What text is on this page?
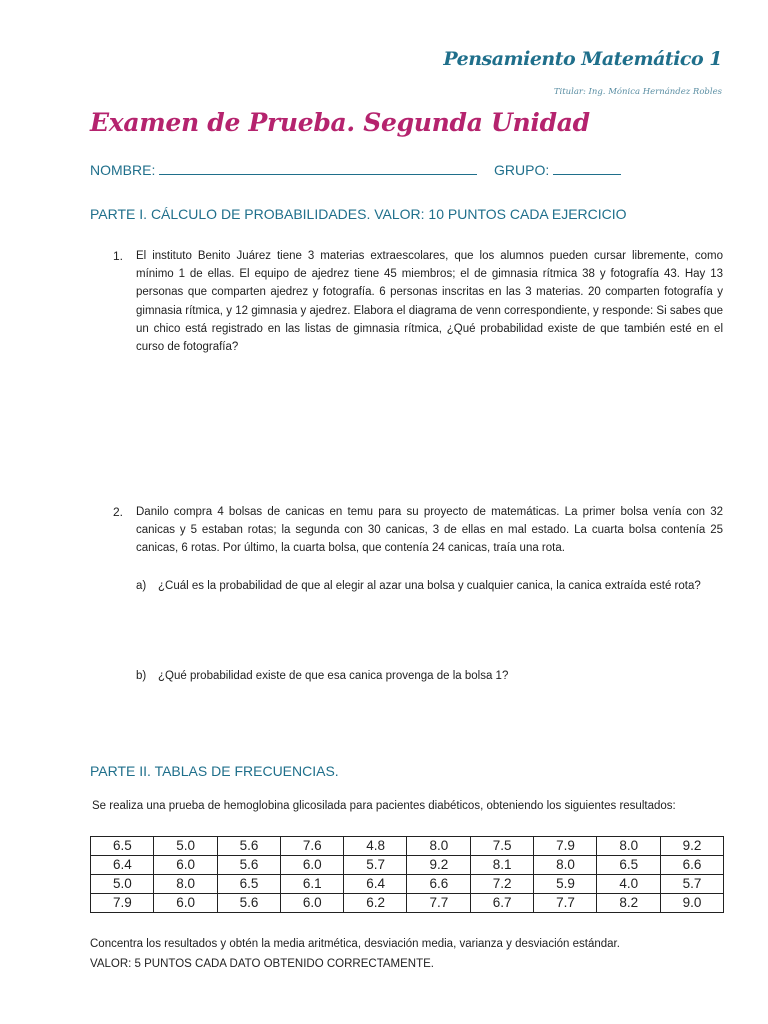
Pensamiento Matemático 1
Titular: Ing. Mónica Hernández Robles
Examen de Prueba. Segunda Unidad
NOMBRE:	GRUPO:
PARTE I. CÁLCULO DE PROBABILIDADES. VALOR: 10 PUNTOS CADA EJERCICIO
1. El instituto Benito Juárez tiene 3 materias extraescolares, que los alumnos pueden cursar libremente, como mínimo 1 de ellas. El equipo de ajedrez tiene 45 miembros; el de gimnasia rítmica 38 y fotografía 43. Hay 13 personas que comparten ajedrez y fotografía. 6 personas inscritas en las 3 materias. 20 comparten fotografía y gimnasia rítmica, y 12 gimnasia y ajedrez. Elabora el diagrama de venn correspondiente, y responde: Si sabes que un chico está registrado en las listas de gimnasia rítmica, ¿Qué probabilidad existe de que también esté en el curso de fotografía?
2. Danilo compra 4 bolsas de canicas en temu para su proyecto de matemáticas. La primer bolsa venía con 32 canicas y 5 estaban rotas; la segunda con 30 canicas, 3 de ellas en mal estado. La cuarta bolsa contenía 25 canicas, 6 rotas. Por último, la cuarta bolsa, que contenía 24 canicas, traía una rota.
a) ¿Cuál es la probabilidad de que al elegir al azar una bolsa y cualquier canica, la canica extraída esté rota?
b) ¿Qué probabilidad existe de que esa canica provenga de la bolsa 1?
PARTE II. TABLAS DE FRECUENCIAS.
Se realiza una prueba de hemoglobina glicosilada para pacientes diabéticos, obteniendo los siguientes resultados:
6.5	5.0	5.6	7.6	4.8	8.0	7.5	7.9	8.0	9.2
6.4	6.0	5.6	6.0	5.7	9.2	8.1	8.0	6.5	6.6
5.0	8.0	6.5	6.1	6.4	6.6	7.2	5.9	4.0	5.7
7.9	6.0	5.6	6.0	6.2	7.7	6.7	7.7	8.2	9.0
Concentra los resultados y obtén la media aritmética, desviación media, varianza y desviación estándar.
VALOR: 5 PUNTOS CADA DATO OBTENIDO CORRECTAMENTE.
